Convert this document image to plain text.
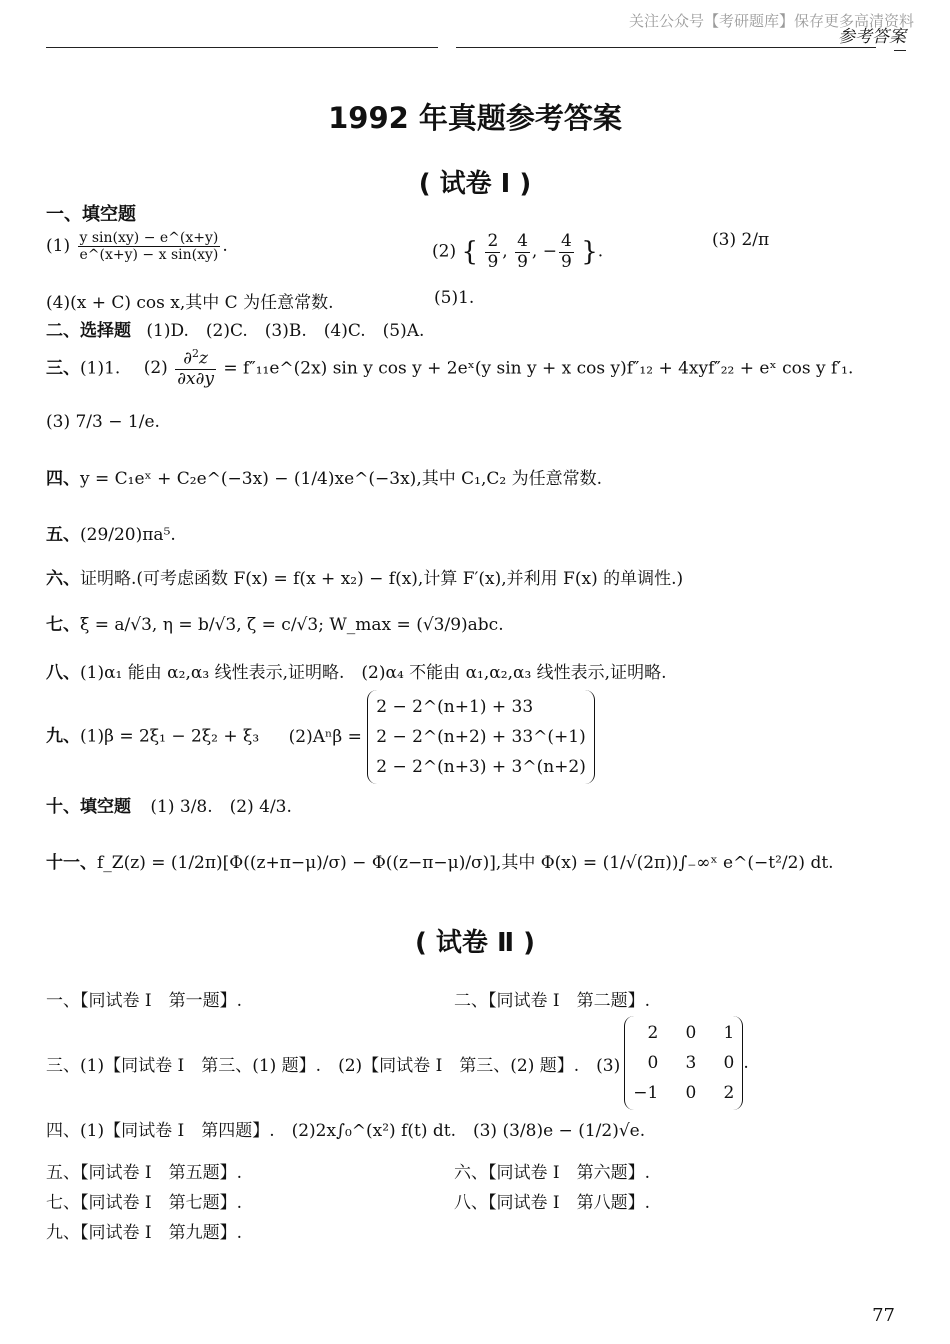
关注公众号【考研题库】保存更多高清资料
参考答案
1992 年真题参考答案
( 试卷 Ⅰ )
一、填空题
$(1) \frac{\text{y sin(xy) − e\textasciicircum{}(x+y)}}{\text{e\textasciicircum{}(x+y) − x sin(xy)}}$ .	(2) { $\frac{2}{9}$ , $\frac{4}{9}$ , − $\frac{4}{9}$ }.
(3) 2/π
(4)(x + C) cos x,其中 C 为任意常数.	(5)1.
二、选择题 (1)D.　(2)C.　(3)B.　(4)C.　(5)A.
三、(1)1. $(2) \frac{\partial^2z}{\partial x\partial y}$ = f″₁₁e^(2x) sin y cos y + 2eˣ(y sin y + x cos y)f″₁₂ + 4xyf″₂₂ + eˣ cos y f′₁.
(3) 7/3 − 1/e.
四、y = C₁eˣ + C₂e^(−3x) − (1/4)xe^(−3x),其中 C₁,C₂ 为任意常数.
五、(29/20)πa⁵.
六、证明略.(可考虑函数 F(x) = f(x + x₂) − f(x),计算 F′(x),并利用 F(x) 的单调性.)
七、ξ = a/√3, η = b/√3, ζ = c/√3; W_max = (√3/9)abc.
八、(1)α₁ 能由 α₂,α₃ 线性表示,证明略.　(2)α₄ 不能由 α₁,α₂,α₃ 线性表示,证明略.
九、(1)β = 2ξ₁ − 2ξ₂ + ξ₃ (2)Aⁿβ =
2 − 2^(n+1) + 33
2 − 2^(n+2) + 33^(+1)
2 − 2^(n+3) + 3^(n+2)
十、填空题 (1) 3/8.　(2) 4/3.
十一、f_Z(z) = (1/2π)[Φ((z+π−μ)/σ) − Φ((z−π−μ)/σ)],其中 Φ(x) = (1/√(2π))∫₋∞ˣ e^(−t²/2) dt.
( 试卷 Ⅱ )
一、【同试卷 Ⅰ　第一题】.	二、【同试卷 Ⅰ　第二题】.
三、(1)【同试卷 Ⅰ　第三、(1) 题】.　(2)【同试卷 Ⅰ　第三、(2) 题】.　(3)
2	0	1
0	3	0
−1	0	2
.
四、(1)【同试卷 Ⅰ　第四题】.　(2)2x∫₀^(x²) f(t) dt.　(3) (3/8)e − (1/2)√e.
五、【同试卷 Ⅰ　第五题】.	六、【同试卷 Ⅰ　第六题】.
七、【同试卷 Ⅰ　第七题】.	八、【同试卷 Ⅰ　第八题】.
九、【同试卷 Ⅰ　第九题】.
77
